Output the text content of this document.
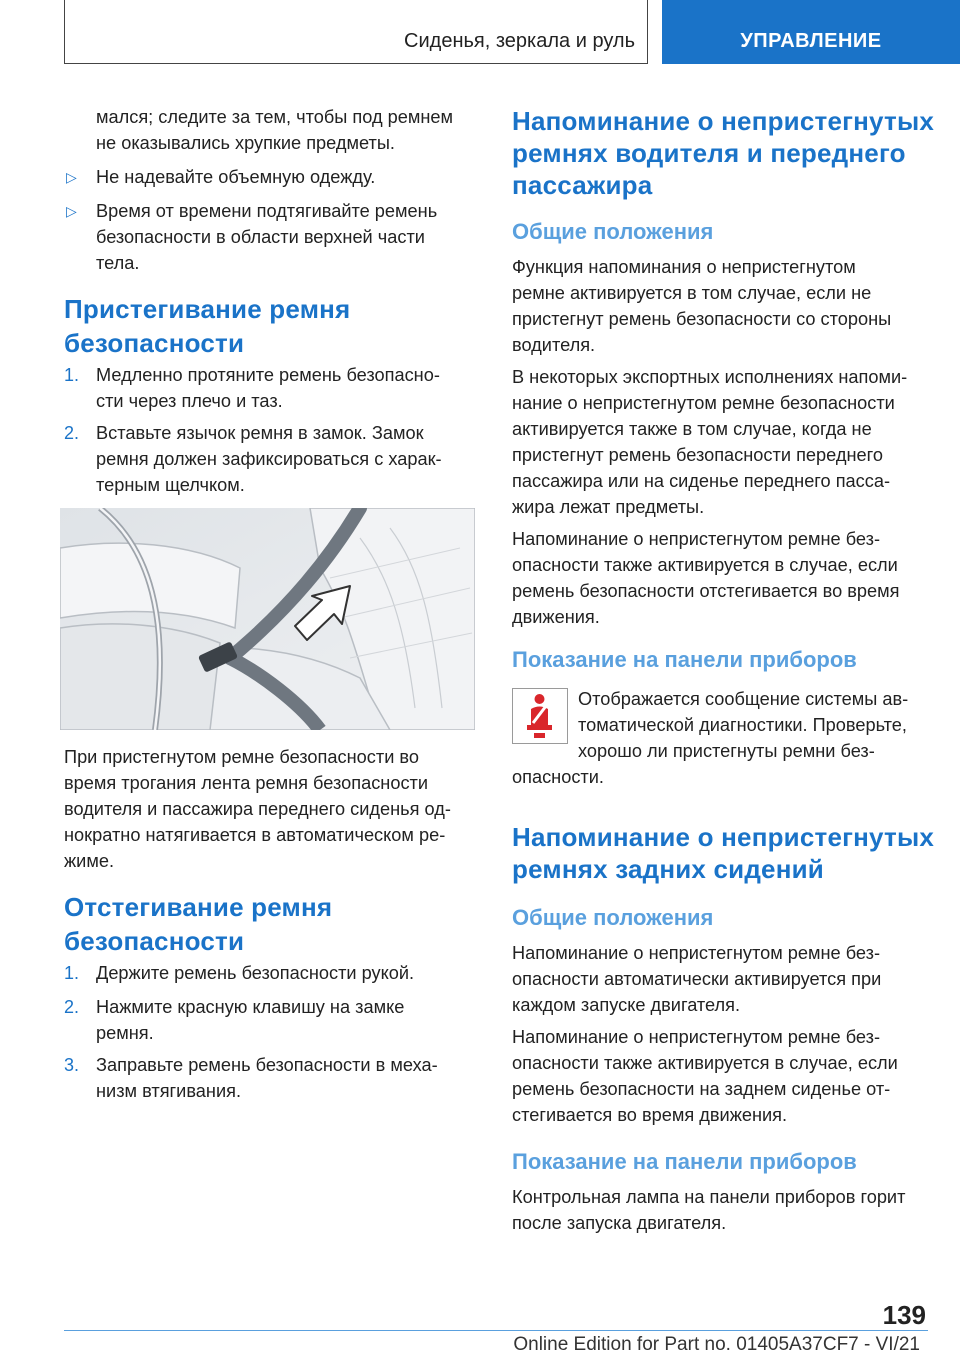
Сиденья, зеркала и руль	УПРАВЛЕНИЕ
мался; следите за тем, чтобы под ремнем
не оказывались хрупкие предметы.
▷ Не надевайте объемную одежду.
▷ Время от времени подтягивайте ремень
безопасности в области верхней части
тела.
Пристегивание ремня
безопасности
1. Медленно протяните ремень безопасно-
сти через плечо и таз.
2. Вставьте язычок ремня в замок. Замок
ремня должен зафиксироваться с харак-
терным щелчком.
При пристегнутом ремне безопасности во
время трогания лента ремня безопасности
водителя и пассажира переднего сиденья од-
нократно натягивается в автоматическом ре-
жиме.
Отстегивание ремня
безопасности
1. Держите ремень безопасности рукой.
2. Нажмите красную клавишу на замке
ремня.
3. Заправьте ремень безопасности в меха-
низм втягивания.
Напоминание о непристегнутых
ремнях водителя и переднего
пассажира
Общие положения
Функция напоминания о непристегнутом
ремне активируется в том случае, если не
пристегнут ремень безопасности со стороны
водителя.
В некоторых экспортных исполнениях напоми-
нание о непристегнутом ремне безопасности
активируется также в том случае, когда не
пристегнут ремень безопасности переднего
пассажира или на сиденье переднего пасса-
жира лежат предметы.
Напоминание о непристегнутом ремне без-
опасности также активируется в случае, если
ремень безопасности отстегивается во время
движения.
Показание на панели приборов
Отображается сообщение системы ав-
томатической диагностики. Проверьте,
хорошо ли пристегнуты ремни без-
опасности.
Напоминание о непристегнутых
ремнях задних сидений
Общие положения
Напоминание о непристегнутом ремне без-
опасности автоматически активируется при
каждом запуске двигателя.
Напоминание о непристегнутом ремне без-
опасности также активируется в случае, если
ремень безопасности на заднем сиденье от-
стегивается во время движения.
Показание на панели приборов
Контрольная лампа на панели приборов горит
после запуска двигателя.
139
Online Edition for Part no. 01405A37CF7 - VI/21
